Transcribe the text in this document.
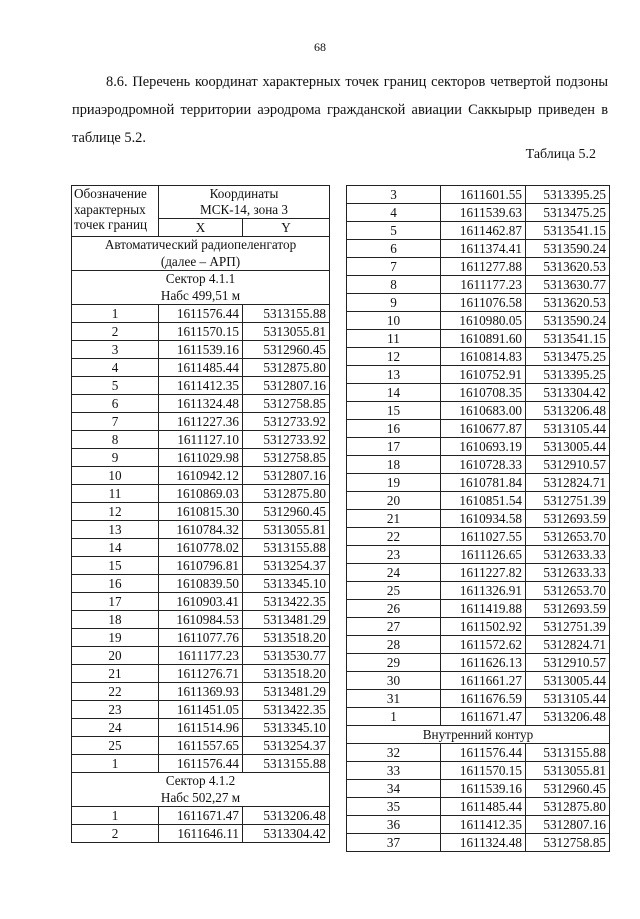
68

8.6. Перечень координат характерных точек границ секторов четвертой подзоны приаэродромной территории аэродрома гражданской авиации Саккырыр приведен в таблице 5.2.

Таблица 5.2
Обозначение
характерных
точек границ	Координаты
МСК-14, зона 3	

	X	Y
Автоматический радиопеленгатор
(далее – АРП)		
Сектор 4.1.1
Набс 499,51 м		
1	1611576.44	5313155.88
2	1611570.15	5313055.81
3	1611539.16	5312960.45
4	1611485.44	5312875.80
5	1611412.35	5312807.16
6	1611324.48	5312758.85
7	1611227.36	5312733.92
8	1611127.10	5312733.92
9	1611029.98	5312758.85
10	1610942.12	5312807.16
11	1610869.03	5312875.80
12	1610815.30	5312960.45
13	1610784.32	5313055.81
14	1610778.02	5313155.88
15	1610796.81	5313254.37
16	1610839.50	5313345.10
17	1610903.41	5313422.35
18	1610984.53	5313481.29
19	1611077.76	5313518.20
20	1611177.23	5313530.77
21	1611276.71	5313518.20
22	1611369.93	5313481.29
23	1611451.05	5313422.35
24	1611514.96	5313345.10
25	1611557.65	5313254.37
1	1611576.44	5313155.88
Сектор 4.1.2
Набс 502,27 м		
1	1611671.47	5313206.48
2	1611646.11	5313304.42
3	1611601.55	5313395.25
4	1611539.63	5313475.25
5	1611462.87	5313541.15
6	1611374.41	5313590.24
7	1611277.88	5313620.53
8	1611177.23	5313630.77
9	1611076.58	5313620.53
10	1610980.05	5313590.24
11	1610891.60	5313541.15
12	1610814.83	5313475.25
13	1610752.91	5313395.25
14	1610708.35	5313304.42
15	1610683.00	5313206.48
16	1610677.87	5313105.44
17	1610693.19	5313005.44
18	1610728.33	5312910.57
19	1610781.84	5312824.71
20	1610851.54	5312751.39
21	1610934.58	5312693.59
22	1611027.55	5312653.70
23	1611126.65	5312633.33
24	1611227.82	5312633.33
25	1611326.91	5312653.70
26	1611419.88	5312693.59
27	1611502.92	5312751.39
28	1611572.62	5312824.71
29	1611626.13	5312910.57
30	1611661.27	5313005.44
31	1611676.59	5313105.44
1	1611671.47	5313206.48
Внутренний контур		
32	1611576.44	5313155.88
33	1611570.15	5313055.81
34	1611539.16	5312960.45
35	1611485.44	5312875.80
36	1611412.35	5312807.16
37	1611324.48	5312758.85
